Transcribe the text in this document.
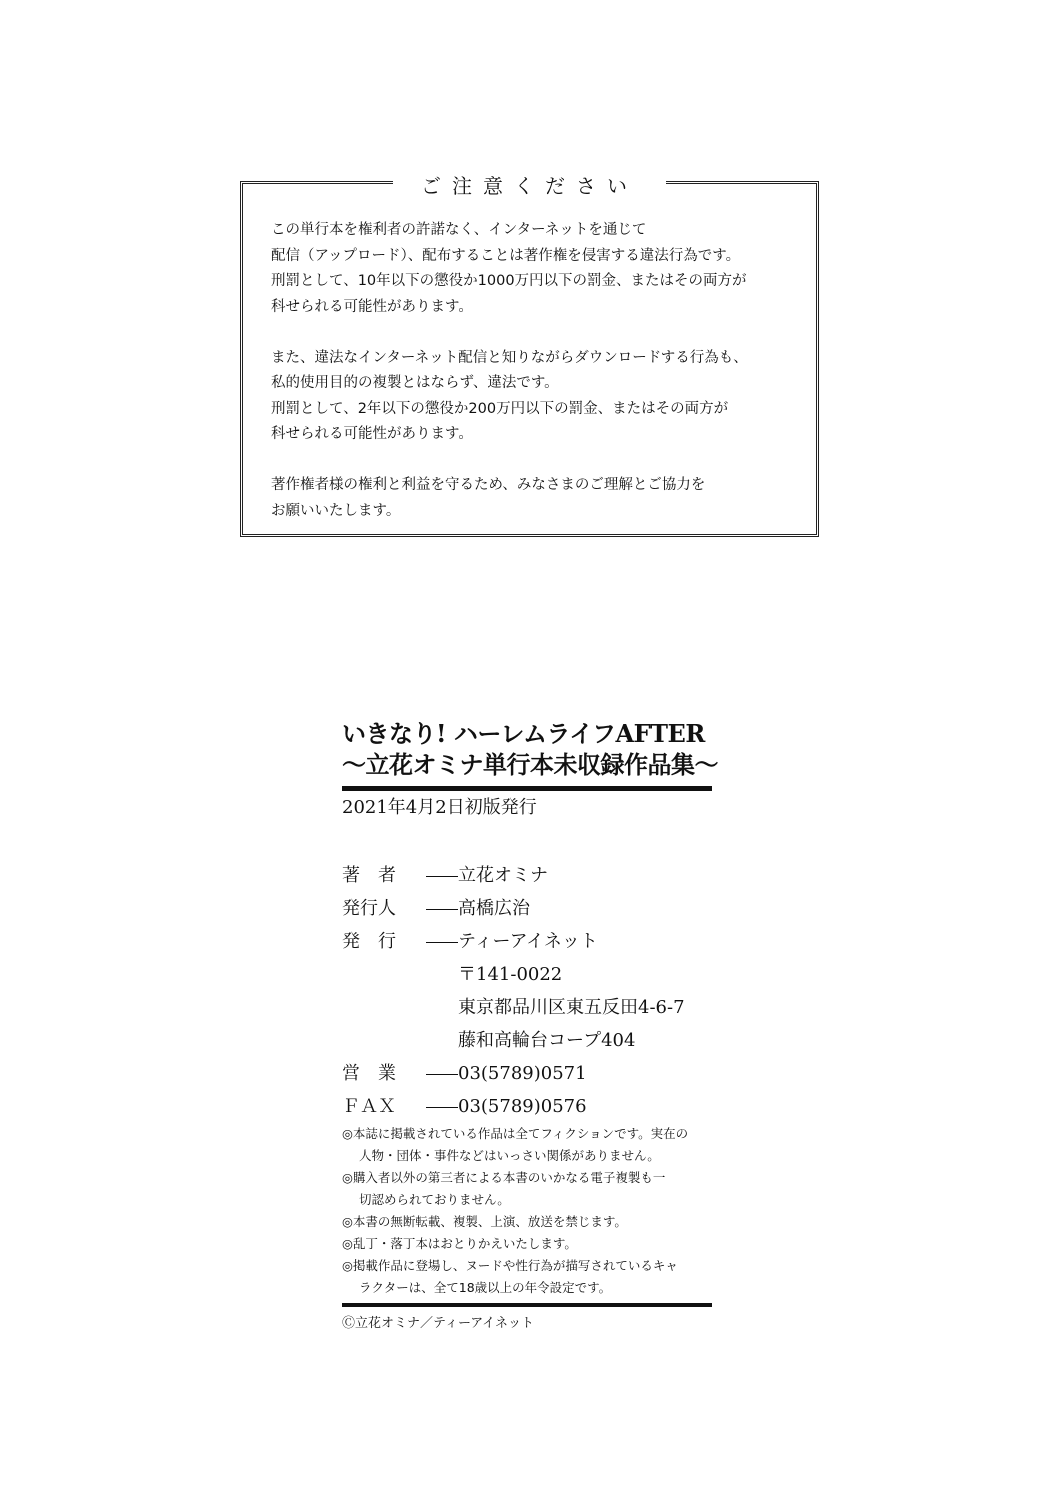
ご注意ください

この単行本を権利者の許諾なく、インターネットを通じて
配信（アップロード）、配布することは著作権を侵害する違法行為です。
刑罰として、10年以下の懲役か1000万円以下の罰金、またはその両方が
科せられる可能性があります。

また、違法なインターネット配信と知りながらダウンロードする行為も、
私的使用目的の複製とはならず、違法です。
刑罰として、2年以下の懲役か200万円以下の罰金、またはその両方が
科せられる可能性があります。

著作権者様の権利と利益を守るため、みなさまのご理解とご協力を
お願いいたします。

いきなり! ハーレムライフAFTER
～立花オミナ単行本未収録作品集～
2021年4月2日初版発行
著　者	立花オミナ
発行人	高橋広治
発　行	ティーアイネット
〒141-0022
東京都品川区東五反田4-6-7
藤和高輪台コープ404
営　業	03(5789)0571
ＦＡＸ	03(5789)0576
◎本誌に掲載されている作品は全てフィクションです。実在の
人物・団体・事件などはいっさい関係がありません。
◎購入者以外の第三者による本書のいかなる電子複製も一
切認められておりません。
◎本書の無断転載、複製、上演、放送を禁じます。
◎乱丁・落丁本はおとりかえいたします。
◎掲載作品に登場し、ヌードや性行為が描写されているキャ
ラクターは、全て18歳以上の年令設定です。
Ⓒ立花オミナ／ティーアイネット
